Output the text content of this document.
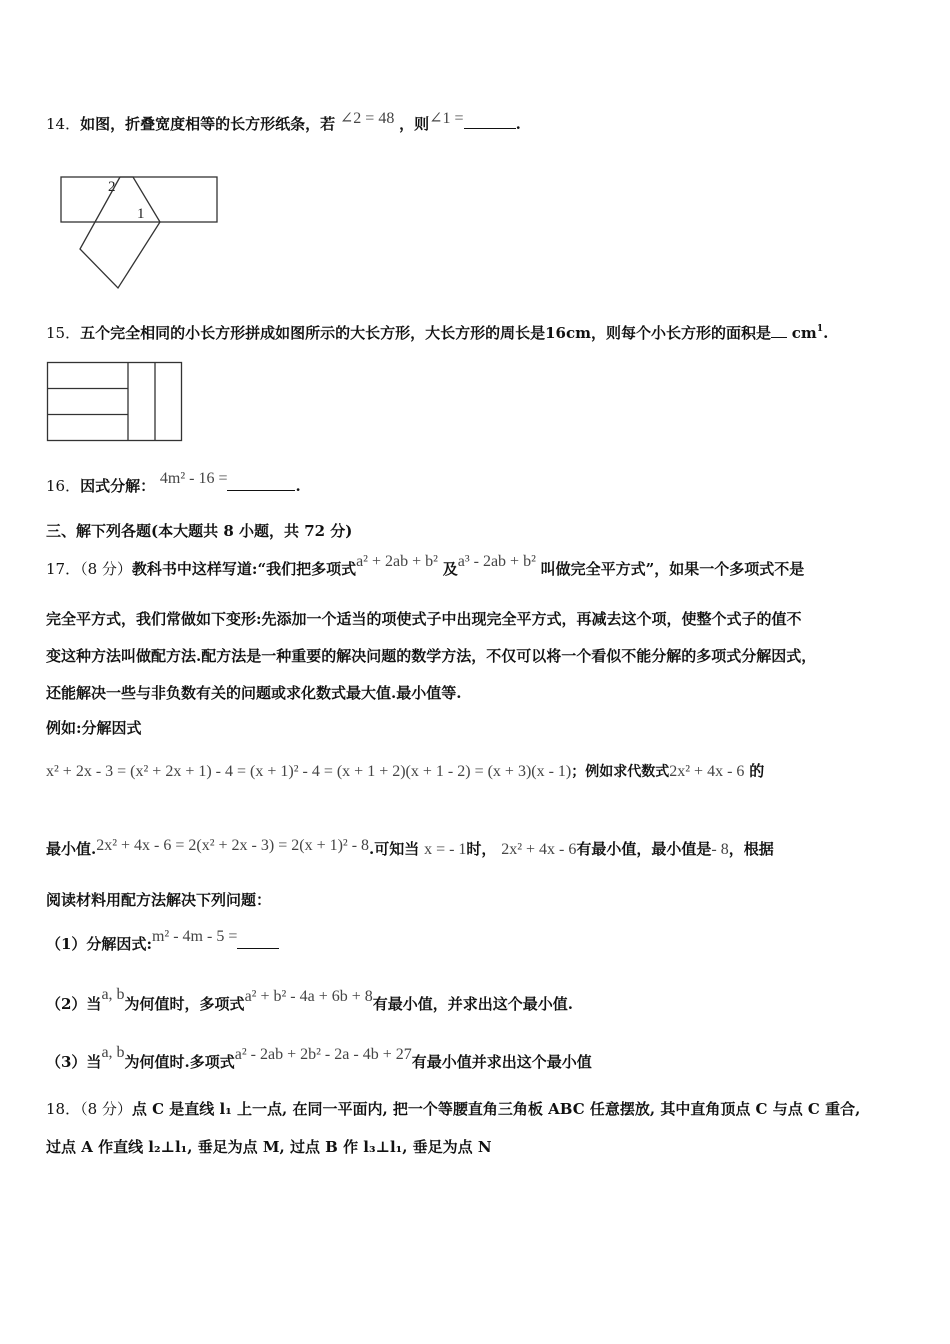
14．如图，折叠宽度相等的长方形纸条，若 ∠2 = 48 ，则∠1 =	.
2
1
15．五个完全相同的小长方形拼成如图所示的大长方形，大长方形的周长是16cm，则每个小长方形的面积是 $cm^1$.
16．因式分解： 4m² - 16 =	.
三、解下列各题(本大题共 8 小题，共 72 分)
17．（8 分）教科书中这样写道:“我们把多项式a² + 2ab + b² 及a³ - 2ab + b² 叫做完全平方式”，如果一个多项式不是
完全平方式，我们常做如下变形:先添加一个适当的项使式子中出现完全平方式，再减去这个项，使整个式子的值不
变这种方法叫做配方法.配方法是一种重要的解决问题的数学方法，不仅可以将一个看似不能分解的多项式分解因式，
还能解决一些与非负数有关的问题或求化数式最大值.最小值等.
例如:分解因式
x² + 2x - 3 = (x² + 2x + 1) - 4 = (x + 1)² - 4 = (x + 1 + 2)(x + 1 - 2) = (x + 3)(x - 1)；例如求代数式2x² + 4x - 6 的
最小值.2x² + 4x - 6 = 2(x² + 2x - 3) = 2(x + 1)² - 8.可知当 x = - 1时， 2x² + 4x - 6有最小值，最小值是- 8，根据
阅读材料用配方法解决下列问题：
（1）分解因式:m² - 4m - 5 =
（2）当a, b为何值时，多项式a² + b² - 4a + 6b + 8有最小值，并求出这个最小值.
（3）当a, b为何值时.多项式a² - 2ab + 2b² - 2a - 4b + 27有最小值并求出这个最小值
18．（8 分）点 C 是直线 l₁ 上一点, 在同一平面内, 把一个等腰直角三角板 ABC 任意摆放, 其中直角顶点 C 与点 C 重合,
过点 A 作直线 l₂⊥l₁, 垂足为点 M, 过点 B 作 l₃⊥l₁, 垂足为点 N
